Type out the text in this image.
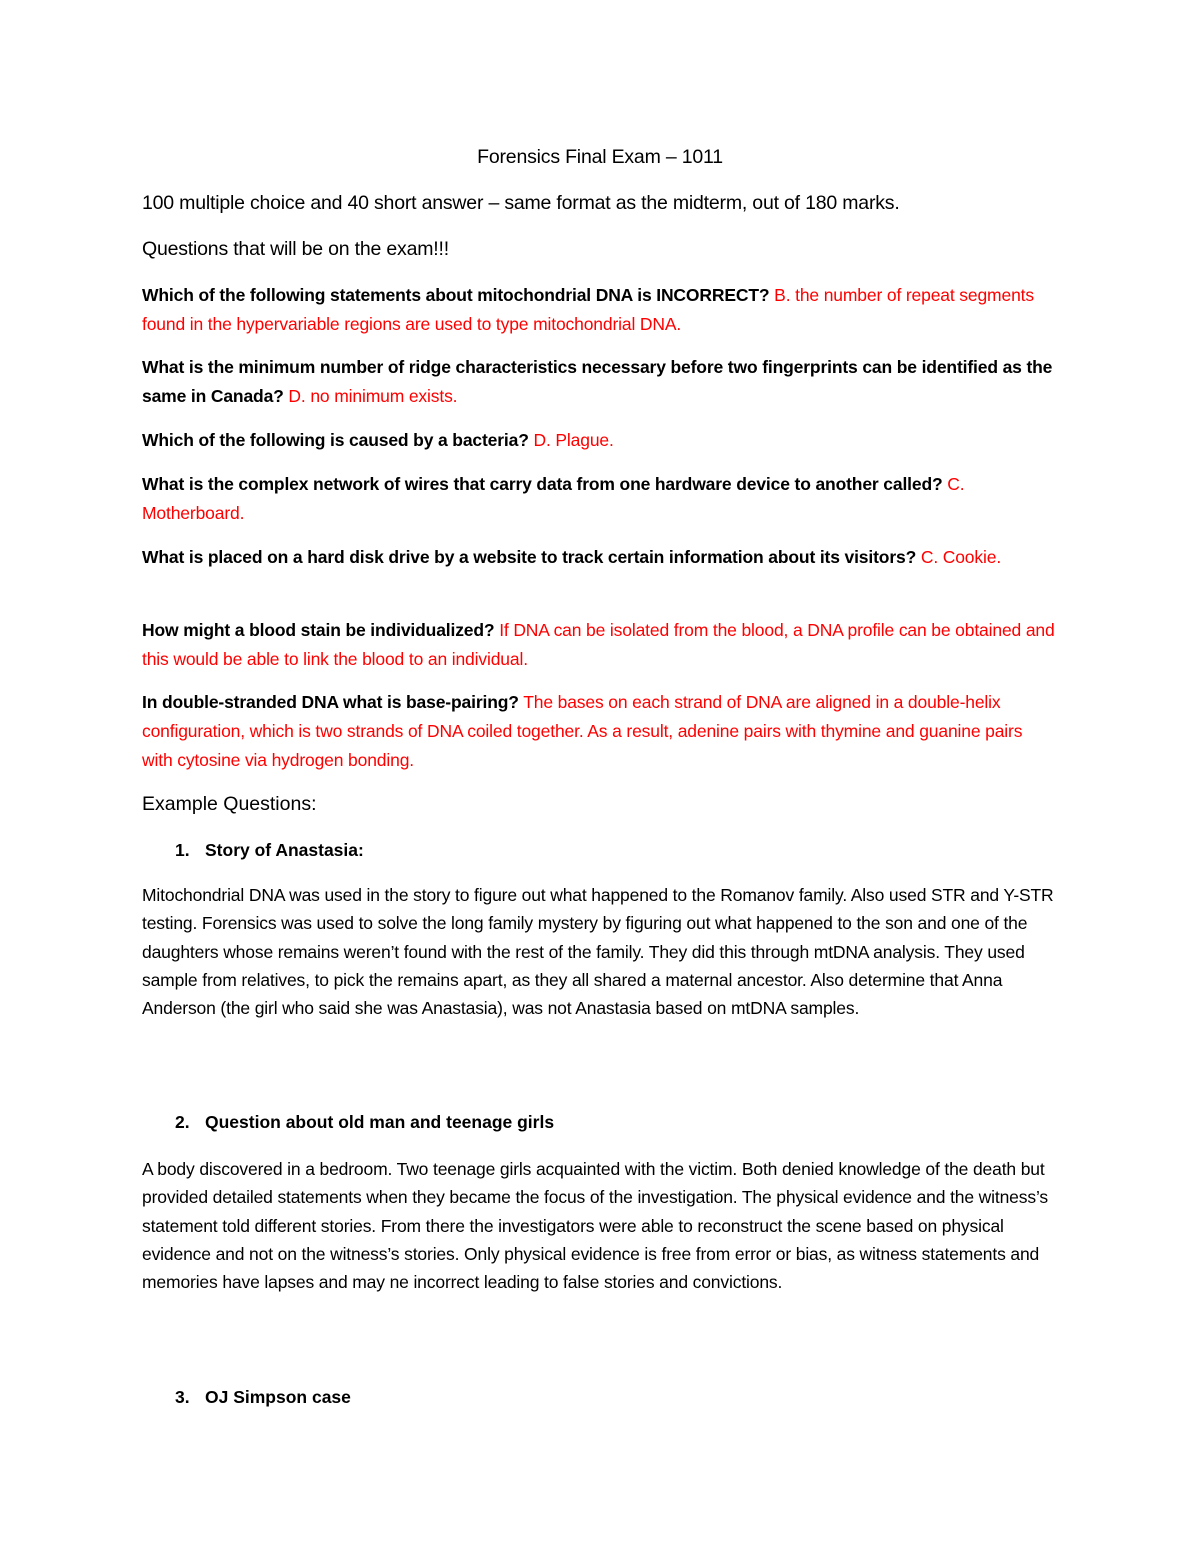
Forensics Final Exam – 1011
100 multiple choice and 40 short answer – same format as the midterm, out of 180 marks.
Questions that will be on the exam!!!
Which of the following statements about mitochondrial DNA is INCORRECT? B. the number of repeat segments found in the hypervariable regions are used to type mitochondrial DNA.
What is the minimum number of ridge characteristics necessary before two fingerprints can be identified as the same in Canada? D. no minimum exists.
Which of the following is caused by a bacteria? D. Plague.
What is the complex network of wires that carry data from one hardware device to another called? C. Motherboard.
What is placed on a hard disk drive by a website to track certain information about its visitors? C. Cookie.
How might a blood stain be individualized? If DNA can be isolated from the blood, a DNA profile can be obtained and this would be able to link the blood to an individual.
In double-stranded DNA what is base-pairing? The bases on each strand of DNA are aligned in a double-helix configuration, which is two strands of DNA coiled together. As a result, adenine pairs with thymine and guanine pairs with cytosine via hydrogen bonding.
Example Questions:
1. Story of Anastasia:
Mitochondrial DNA was used in the story to figure out what happened to the Romanov family. Also used STR and Y-STR testing. Forensics was used to solve the long family mystery by figuring out what happened to the son and one of the daughters whose remains weren’t found with the rest of the family. They did this through mtDNA analysis. They used sample from relatives, to pick the remains apart, as they all shared a maternal ancestor. Also determine that Anna Anderson (the girl who said she was Anastasia), was not Anastasia based on mtDNA samples.
2. Question about old man and teenage girls
A body discovered in a bedroom. Two teenage girls acquainted with the victim. Both denied knowledge of the death but provided detailed statements when they became the focus of the investigation. The physical evidence and the witness’s statement told different stories. From there the investigators were able to reconstruct the scene based on physical evidence and not on the witness’s stories. Only physical evidence is free from error or bias, as witness statements and memories have lapses and may ne incorrect leading to false stories and convictions.
3. OJ Simpson case
